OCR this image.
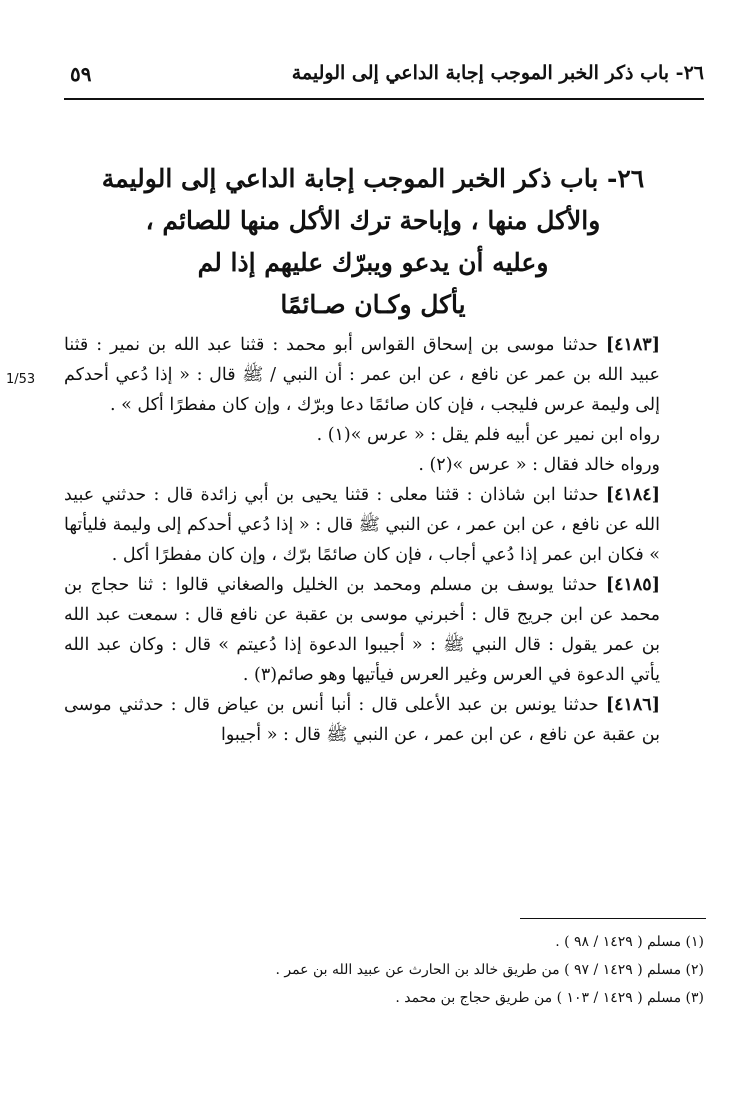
٢٦- باب ذكر الخبر الموجب إجابة الداعي إلى الوليمة
٥٩
٢٦- باب ذكر الخبر الموجب إجابة الداعي إلى الوليمة
والأكل منها ، وإباحة ترك الأكل منها للصائم ،
وعليه أن يدعو ويبرّك عليهم إذا لم
يأكل وكـان صـائمًا
1/53

[٤١٨٣] حدثنا موسى بن إسحاق القواس أبو محمد : قثنا عبد الله بن نمير : قثنا عبيد الله بن عمر عن نافع ، عن ابن عمر : أن النبي / ﷺ قال : « إذا دُعي أحدكم إلى وليمة عرس فليجب ، فإن كان صائمًا دعا وبرّك ، وإن كان مفطرًا أكل » .

رواه ابن نمير عن أبيه فلم يقل : « عرس »(١) .

ورواه خالد فقال : « عرس »(٢) .

[٤١٨٤] حدثنا ابن شاذان : قثنا معلى : قثنا يحيى بن أبي زائدة قال : حدثني عبيد الله عن نافع ، عن ابن عمر ، عن النبي ﷺ قال : « إذا دُعي أحدكم إلى وليمة فليأتها » فكان ابن عمر إذا دُعي أجاب ، فإن كان صائمًا برّك ، وإن كان مفطرًا أكل .

[٤١٨٥] حدثنا يوسف بن مسلم ومحمد بن الخليل والصغاني قالوا : ثنا حجاج بن محمد عن ابن جريج قال : أخبرني موسى بن عقبة عن نافع قال : سمعت عبد الله بن عمر يقول : قال النبي ﷺ : « أجيبوا الدعوة إذا دُعيتم » قال : وكان عبد الله يأتي الدعوة في العرس وغير العرس فيأتيها وهو صائم(٣) .

[٤١٨٦] حدثنا يونس بن عبد الأعلى قال : أنبا أنس بن عياض قال : حدثني موسى بن عقبة عن نافع ، عن ابن عمر ، عن النبي ﷺ قال : « أجيبوا

(١) مسلم ( ١٤٢٩ / ٩٨ ) .
(٢) مسلم ( ١٤٢٩ / ٩٧ ) من طريق خالد بن الحارث عن عبيد الله بن عمر .
(٣) مسلم ( ١٤٢٩ / ١٠٣ ) من طريق حجاج بن محمد .
